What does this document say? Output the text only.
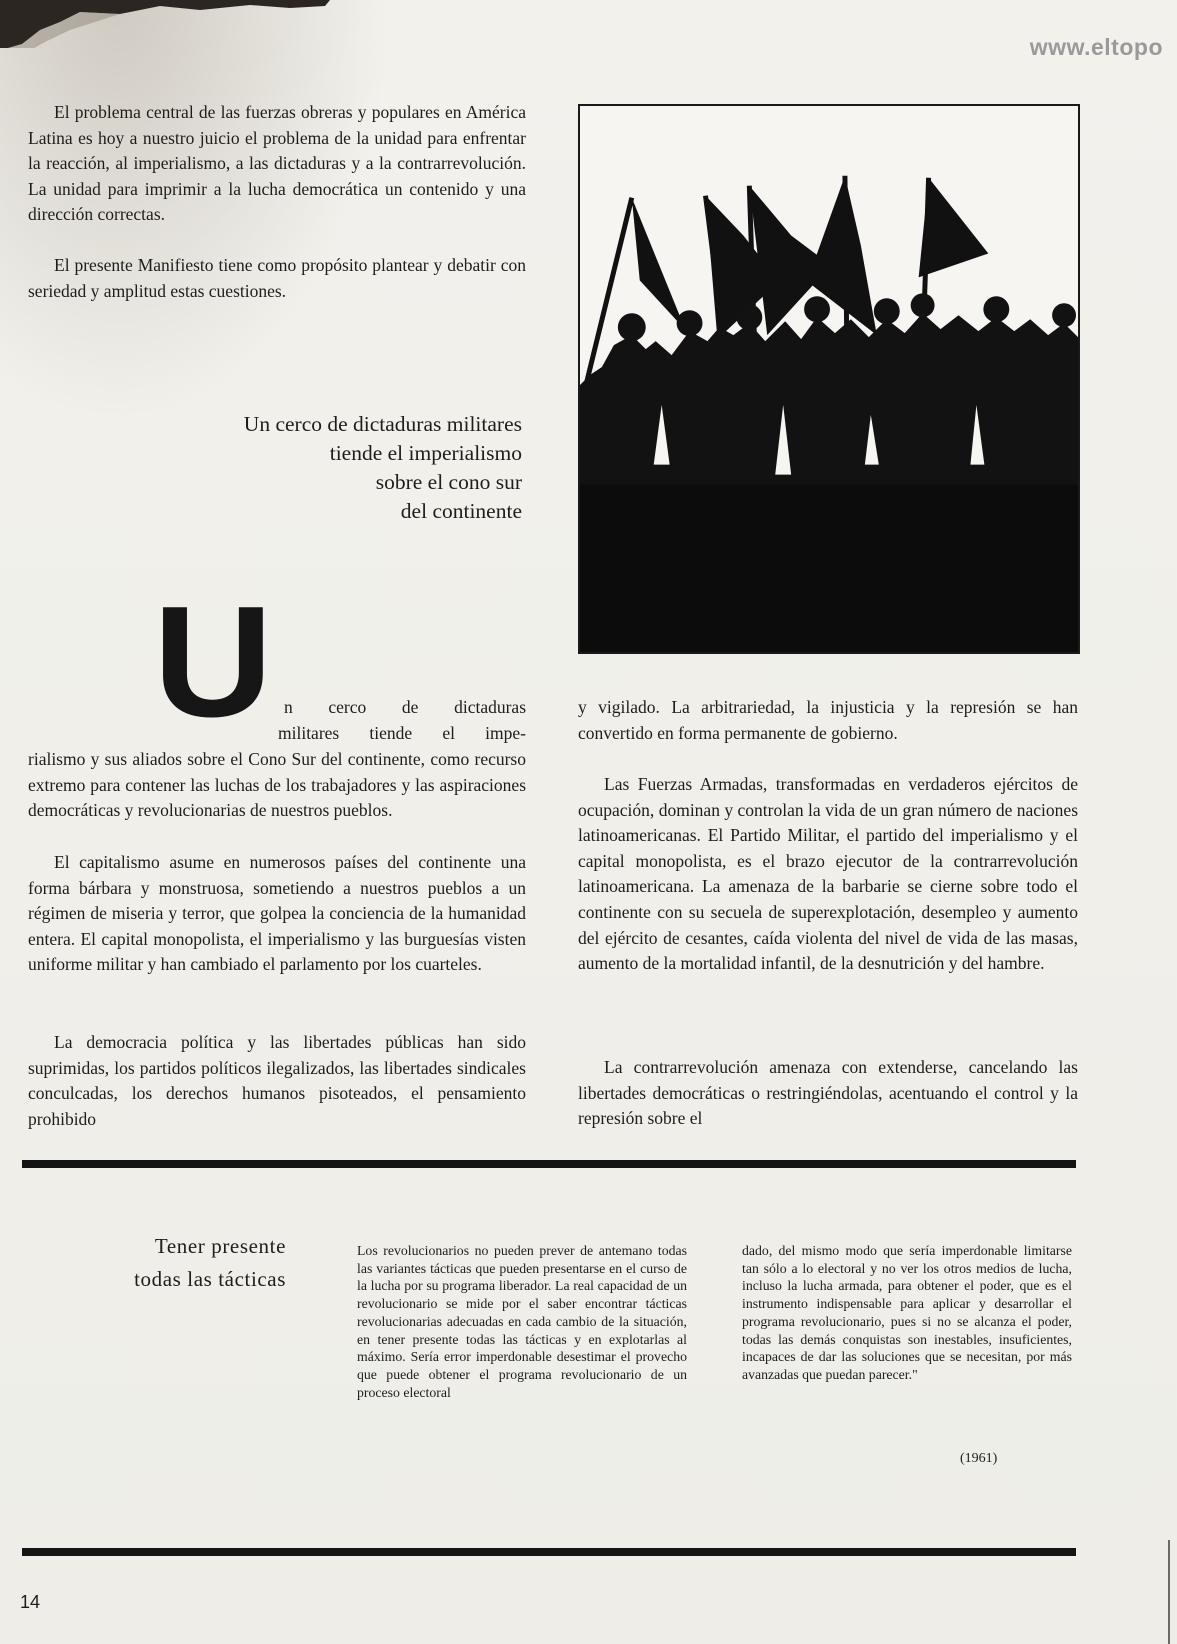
www.eltopo

El problema central de las fuerzas obreras y populares en América Latina es hoy a nuestro juicio el problema de la unidad para enfrentar la reacción, al imperialismo, a las dictaduras y a la contrarrevolución. La unidad para imprimir a la lucha democrática un contenido y una dirección correctas.

El presente Manifiesto tiene como propósito plantear y debatir con seriedad y amplitud estas cuestiones.

Un cerco de dictaduras militares
tiende el imperialismo
sobre el cono sur
del continente
U n cerco de dictaduras
militares tiende el impe-

rialismo y sus aliados sobre el Cono Sur del continente, como recurso extremo para contener las luchas de los trabajadores y las aspiraciones democráticas y revolucionarias de nuestros pueblos.

El capitalismo asume en numerosos países del continente una forma bárbara y monstruosa, sometiendo a nuestros pueblos a un régimen de miseria y terror, que golpea la conciencia de la humanidad entera. El capital monopolista, el imperialismo y las burguesías visten uniforme militar y han cambiado el parlamento por los cuarteles.

La democracia política y las libertades públicas han sido suprimidas, los partidos políticos ilegalizados, las libertades sindicales conculcadas, los derechos humanos pisoteados, el pensamiento prohibido

y vigilado. La arbitrariedad, la injusticia y la represión se han convertido en forma permanente de gobierno.

Las Fuerzas Armadas, transformadas en verdaderos ejércitos de ocupación, dominan y controlan la vida de un gran número de naciones latinoamericanas. El Partido Militar, el partido del imperialismo y el capital monopolista, es el brazo ejecutor de la contrarrevolución latinoamericana. La amenaza de la barbarie se cierne sobre todo el continente con su secuela de superexplotación, desempleo y aumento del ejército de cesantes, caída violenta del nivel de vida de las masas, aumento de la mortalidad infantil, de la desnutrición y del hambre.

La contrarrevolución amenaza con extenderse, cancelando las libertades democráticas o restringiéndolas, acentuando el control y la represión sobre el

Tener presente
todas las tácticas

Los revolucionarios no pueden prever de antemano todas las variantes tácticas que pueden presentarse en el curso de la lucha por su programa liberador. La real capacidad de un revolucionario se mide por el saber encontrar tácticas revolucionarias adecuadas en cada cambio de la situación, en tener presente todas las tácticas y en explotarlas al máximo. Sería error imperdonable desestimar el provecho que puede obtener el programa revolucionario de un proceso electoral

dado, del mismo modo que sería imperdonable limitarse tan sólo a lo electoral y no ver los otros medios de lucha, incluso la lucha armada, para obtener el poder, que es el instrumento indispensable para aplicar y desarrollar el programa revolucionario, pues si no se alcanza el poder, todas las demás conquistas son inestables, insuficientes, incapaces de dar las soluciones que se necesitan, por más avanzadas que puedan parecer."

(1961)
14
